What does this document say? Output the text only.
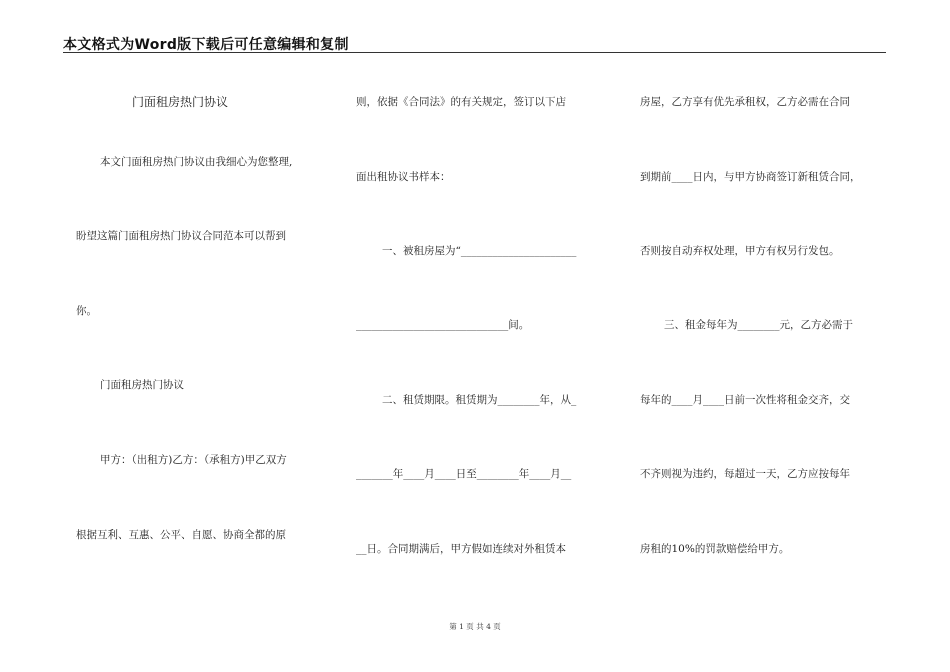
本文格式为Word版下载后可任意编辑和复制
门面租房热门协议
本文门面租房热门协议由我细心为您整理,
盼望这篇门面租房热门协议合同范本可以帮到
你。
门面租房热门协议
甲方：（出租方)乙方：（承租方)甲乙双方
根据互利、互惠、公平、自愿、协商全都的原
则，依据《合同法》的有关规定，签订以下店
面出租协议书样本：
一、被租房屋为“______________________
_____________________________间。
二、租赁期限。租赁期为________年，从_
_______年____月____日至________年____月__
__日。合同期满后，甲方假如连续对外租赁本
房屋，乙方享有优先承租权，乙方必需在合同
到期前____日内，与甲方协商签订新租赁合同，
否则按自动弃权处理，甲方有权另行发包。
三、租金每年为________元，乙方必需于
每年的____月____日前一次性将租金交齐，交
不齐则视为违约，每超过一天，乙方应按每年
房租的10%的罚款赔偿给甲方。
第 1 页 共 4 页
